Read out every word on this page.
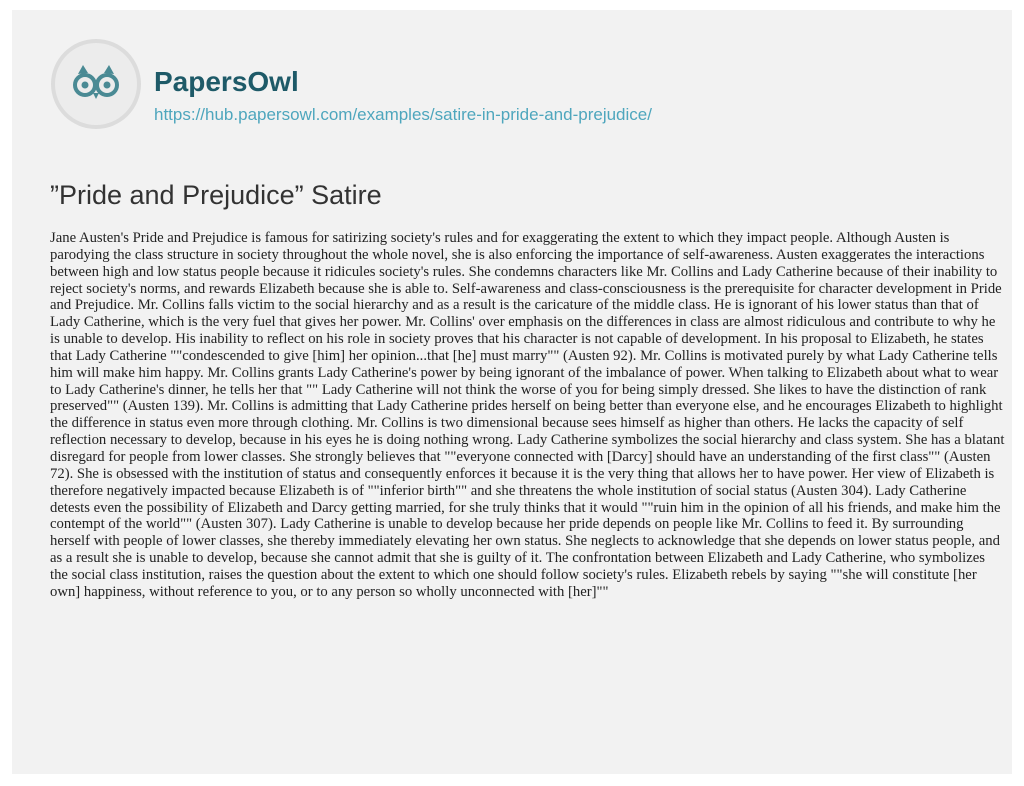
PapersOwl
https://hub.papersowl.com/examples/satire-in-pride-and-prejudice/
”Pride and Prejudice” Satire

Jane Austen's Pride and Prejudice is famous for satirizing society's rules and for exaggerating the extent to which they impact people. Although Austen is parodying the class structure in society throughout the whole novel, she is also enforcing the importance of self-awareness. Austen exaggerates the interactions between high and low status people because it ridicules society's rules. She condemns characters like Mr. Collins and Lady Catherine because of their inability to reject society's norms, and rewards Elizabeth because she is able to. Self-awareness and class-consciousness is the prerequisite for character development in Pride and Prejudice. Mr. Collins falls victim to the social hierarchy and as a result is the caricature of the middle class. He is ignorant of his lower status than that of Lady Catherine, which is the very fuel that gives her power. Mr. Collins' over emphasis on the differences in class are almost ridiculous and contribute to why he is unable to develop. His inability to reflect on his role in society proves that his character is not capable of development. In his proposal to Elizabeth, he states that Lady Catherine ""condescended to give [him] her opinion...that [he] must marry"" (Austen 92). Mr. Collins is motivated purely by what Lady Catherine tells him will make him happy. Mr. Collins grants Lady Catherine's power by being ignorant of the imbalance of power. When talking to Elizabeth about what to wear to Lady Catherine's dinner, he tells her that "" Lady Catherine will not think the worse of you for being simply dressed. She likes to have the distinction of rank preserved"" (Austen 139). Mr. Collins is admitting that Lady Catherine prides herself on being better than everyone else, and he encourages Elizabeth to highlight the difference in status even more through clothing. Mr. Collins is two dimensional because sees himself as higher than others. He lacks the capacity of self reflection necessary to develop, because in his eyes he is doing nothing wrong. Lady Catherine symbolizes the social hierarchy and class system. She has a blatant disregard for people from lower classes. She strongly believes that ""everyone connected with [Darcy] should have an understanding of the first class"" (Austen 72). She is obsessed with the institution of status and consequently enforces it because it is the very thing that allows her to have power. Her view of Elizabeth is therefore negatively impacted because Elizabeth is of ""inferior birth"" and she threatens the whole institution of social status (Austen 304). Lady Catherine detests even the possibility of Elizabeth and Darcy getting married, for she truly thinks that it would ""ruin him in the opinion of all his friends, and make him the contempt of the world"" (Austen 307). Lady Catherine is unable to develop because her pride depends on people like Mr. Collins to feed it. By surrounding herself with people of lower classes, she thereby immediately elevating her own status. She neglects to acknowledge that she depends on lower status people, and as a result she is unable to develop, because she cannot admit that she is guilty of it. The confrontation between Elizabeth and Lady Catherine, who symbolizes the social class institution, raises the question about the extent to which one should follow society's rules. Elizabeth rebels by saying ""she will constitute [her own] happiness, without reference to you, or to any person so wholly unconnected with [her]""
